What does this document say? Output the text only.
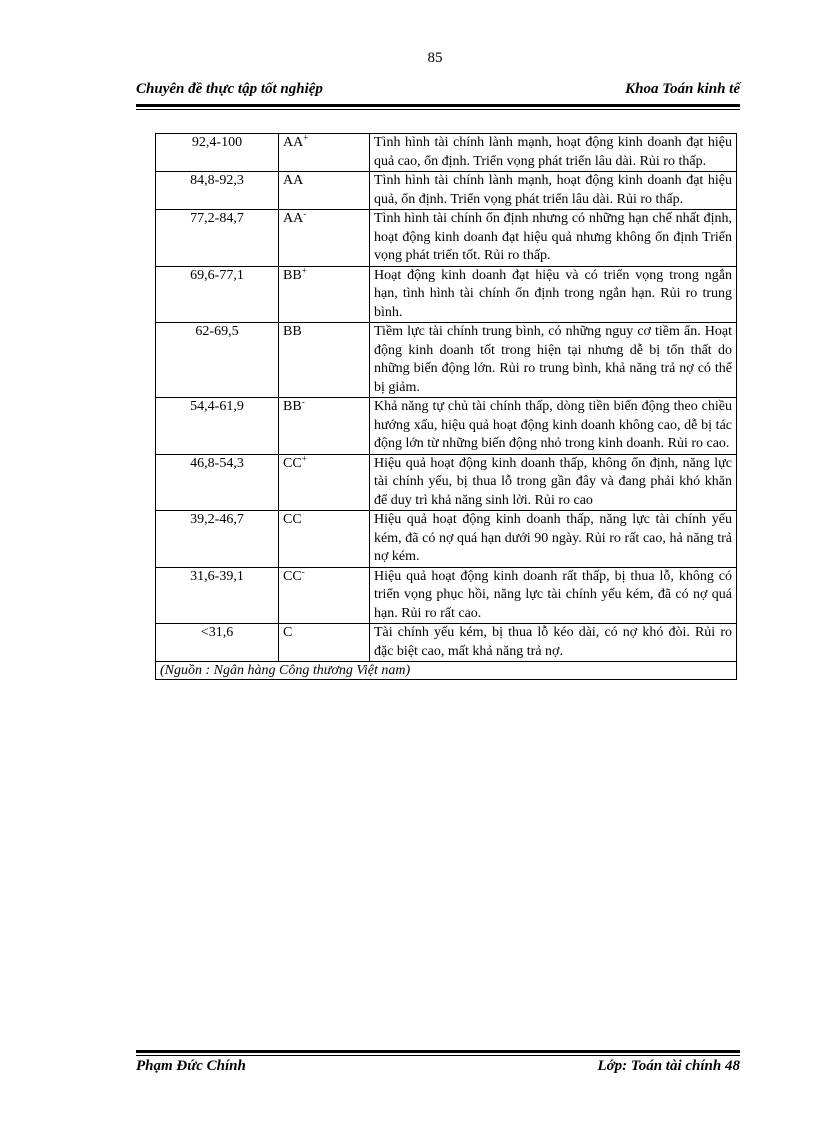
85
Chuyên đề thực tập tốt nghiệp	Khoa Toán kinh tế
92,4-100	AA+	Tình hình tài chính lành mạnh, hoạt động kinh doanh đạt hiệu quả cao, ổn định. Triển vọng phát triển lâu dài. Rủi ro thấp.
84,8-92,3	AA	Tình hình tài chính lành mạnh, hoạt động kinh doanh đạt hiệu quả, ổn định. Triển vọng phát triển lâu dài. Rủi ro thấp.
77,2-84,7	AA-	Tình hình tài chính ổn định nhưng có những hạn chế nhất định, hoạt động kinh doanh đạt hiệu quả nhưng không ổn định Triển vọng phát triển tốt. Rủi ro thấp.
69,6-77,1	BB+	Hoạt động kinh doanh đạt hiệu và có triển vọng trong ngắn hạn, tình hình tài chính ổn định trong ngắn hạn. Rủi ro trung bình.
62-69,5	BB	Tiềm lực tài chính trung bình, có những nguy cơ tiềm ẩn. Hoạt động kinh doanh tốt trong hiện tại nhưng dễ bị tổn thất do những biến động lớn. Rủi ro trung bình, khả năng trả nợ có thể bị giảm.
54,4-61,9	BB-	Khả năng tự chủ tài chính thấp, dòng tiền biến động theo chiều hướng xấu, hiệu quả hoạt động kinh doanh không cao, dễ bị tác động lớn từ những biến động nhỏ trong kinh doanh. Rủi ro cao.
46,8-54,3	CC+	Hiệu quả hoạt động kinh doanh thấp, không ổn định, năng lực tài chính yếu, bị thua lỗ trong gần đây và đang phải khó khăn để duy trì khả năng sinh lời. Rủi ro cao
39,2-46,7	CC	Hiệu quả hoạt động kinh doanh thấp, năng lực tài chính yếu kém, đã có nợ quá hạn dưới 90 ngày. Rủi ro rất cao, hả năng trả nợ kém.
31,6-39,1	CC-	Hiệu quả hoạt động kinh doanh rất thấp, bị thua lỗ, không có triển vọng phục hồi, năng lực tài chính yếu kém, đã có nợ quá hạn. Rủi ro rất cao.
<31,6	C	Tài chính yếu kém, bị thua lỗ kéo dài, có nợ khó đòi. Rủi ro đặc biệt cao, mất khả năng trả nợ.
(Nguồn : Ngân hàng Công thương Việt nam)		
Phạm Đức Chính	Lớp: Toán tài chính 48
